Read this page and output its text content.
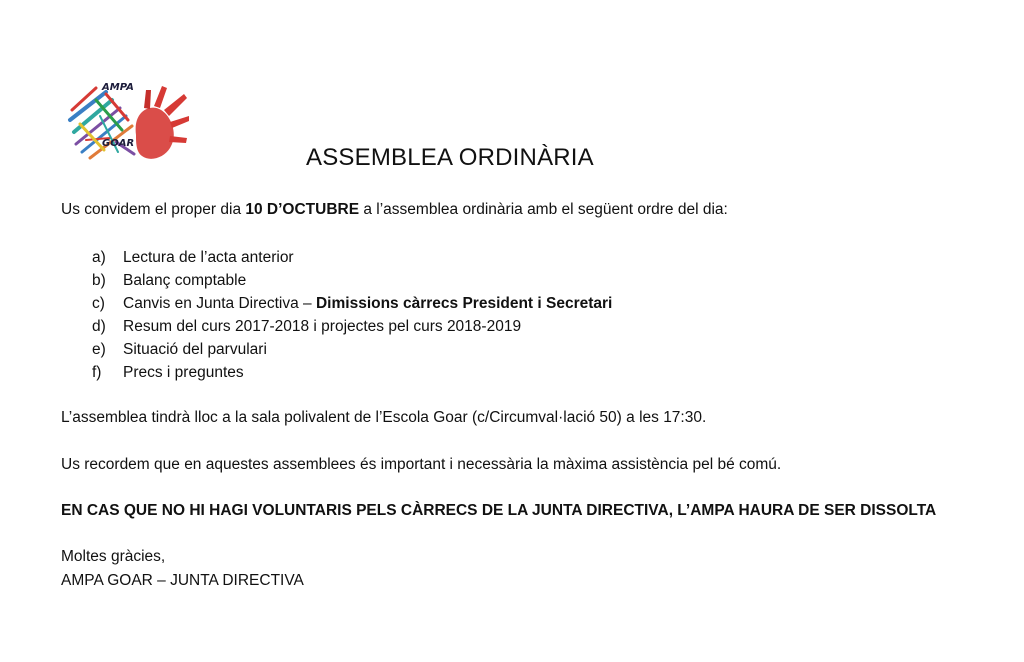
AMPA
GOAR
ASSEMBLEA ORDINÀRIA

Us convidem el proper dia 10 D’OCTUBRE a l’assemblea ordinària amb el següent ordre del dia:

a) Lectura de l’acta anterior
b) Balanç comptable
c) Canvis en Junta Directiva – Dimissions càrrecs President i Secretari
d) Resum del curs 2017-2018 i projectes pel curs 2018-2019
e) Situació del parvulari
f) Precs i preguntes

L’assemblea tindrà lloc a la sala polivalent de l’Escola Goar (c/Circumval·lació 50) a les 17:30.

Us recordem que en aquestes assemblees és important i necessària la màxima assistència pel bé comú.

EN CAS QUE NO HI HAGI VOLUNTARIS PELS CÀRRECS DE LA JUNTA DIRECTIVA, L’AMPA HAURA DE SER DISSOLTA

Moltes gràcies,

AMPA GOAR – JUNTA DIRECTIVA
